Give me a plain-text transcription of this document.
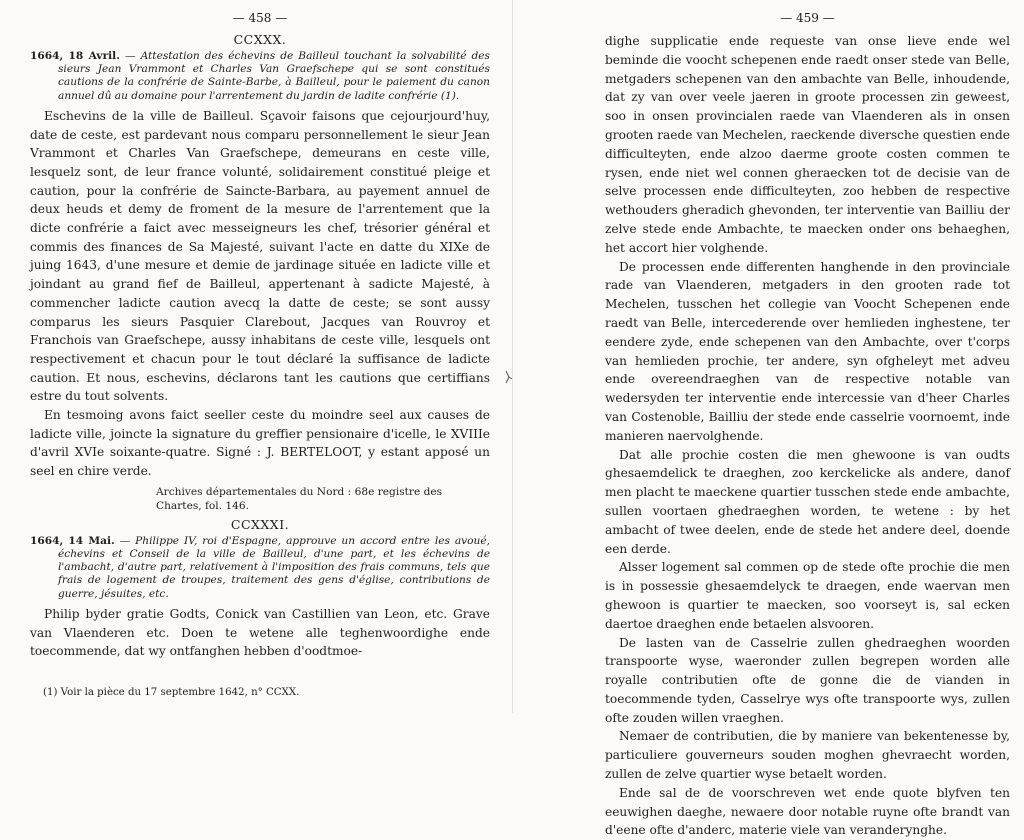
— 458 —

CCXXX.

1664, 18 Avril. — Attestation des échevins de Bailleul touchant la solvabilité des sieurs Jean Vrammont et Charles Van Graefschepe qui se sont constitués cautions de la confrérie de Sainte-Barbe, à Bailleul, pour le paiement du canon annuel dû au domaine pour l'arrentement du jardin de ladite confrérie (1).

Eschevins de la ville de Bailleul. Sçavoir faisons que cejourjourd'huy, date de ceste, est pardevant nous comparu personnellement le sieur Jean Vrammont et Charles Van Graefschepe, demeurans en ceste ville, lesquelz sont, de leur france volunté, solidairement constitué pleige et caution, pour la confrérie de Saincte-Barbara, au payement annuel de deux heuds et demy de froment de la mesure de l'arrentement que la dicte confrérie a faict avec messeigneurs les chef, trésorier général et commis des finances de Sa Majesté, suivant l'acte en datte du XIXe de juing 1643, d'une mesure et demie de jardinage située en ladicte ville et joindant au grand fief de Bailleul, appertenant à sadicte Majesté, à commencher ladicte caution avecq la datte de ceste; se sont aussy comparus les sieurs Pasquier Clarebout, Jacques van Rouvroy et Franchois van Graefschepe, aussy inhabitans de ceste ville, lesquels ont respectivement et chacun pour le tout déclaré la suffisance de ladicte caution. Et nous, eschevins, déclarons tant les cautions que certiffians estre du tout solvents.

En tesmoing avons faict seeller ceste du moindre seel aux causes de ladicte ville, joincte la signature du greffier pensionaire d'icelle, le XVIIIe d'avril XVIe soixante-quatre. Signé : J. BERTELOOT, y estant apposé un seel en chire verde.

Archives départementales du Nord : 68e registre des Chartes, fol. 146.

CCXXXI.

1664, 14 Mai. — Philippe IV, roi d'Espagne, approuve un accord entre les avoué, échevins et Conseil de la ville de Bailleul, d'une part, et les échevins de l'ambacht, d'autre part, relativement à l'imposition des frais communs, tels que frais de logement de troupes, traitement des gens d'église, contributions de guerre, jésuites, etc.

Philip byder gratie Godts, Conick van Castillien van Leon, etc. Grave van Vlaenderen etc. Doen te wetene alle teghenwoordighe ende toecommende, dat wy ontfanghen hebben d'oodtmoe-

(1) Voir la pièce du 17 septembre 1642, n° CCXX.

— 459 —

dighe supplicatie ende requeste van onse lieve ende wel beminde die voocht schepenen ende raedt onser stede van Belle, metgaders schepenen van den ambachte van Belle, inhoudende, dat zy van over veele jaeren in groote processen zin geweest, soo in onsen provincialen raede van Vlaenderen als in onsen grooten raede van Mechelen, raeckende diversche questien ende difficulteyten, ende alzoo daerme groote costen commen te rysen, ende niet wel connen gheraecken tot de decisie van de selve processen ende difficulteyten, zoo hebben de respective wethouders gheradich ghevonden, ter interventie van Bailliu der zelve stede ende Ambachte, te maecken onder ons behaeghen, het accort hier volghende.

De processen ende differenten hanghende in den provinciale rade van Vlaenderen, metgaders in den grooten rade tot Mechelen, tusschen het collegie van Voocht Schepenen ende raedt van Belle, intercederende over hemlieden inghestene, ter eendere zyde, ende schepenen van den Ambachte, over t'corps van hemlieden prochie, ter andere, syn ofgheleyt met adveu ende overeendraeghen van de respective notable van wedersyden ter interventie ende intercessie van d'heer Charles van Costenoble, Bailliu der stede ende casselrie voornoemt, inde manieren naervolghende.

Dat alle prochie costen die men ghewoone is van oudts ghesaemdelick te draeghen, zoo kerckelicke als andere, danof men placht te maeckene quartier tusschen stede ende ambachte, sullen voortaen ghedraeghen worden, te wetene : by het ambacht of twee deelen, ende de stede het andere deel, doende een derde.

Alsser logement sal commen op de stede ofte prochie die men is in possessie ghesaemdelyck te draegen, ende waervan men ghewoon is quartier te maecken, soo voorseyt is, sal ecken daertoe draeghen ende betaelen alsvooren.

De lasten van de Casselrie zullen ghedraeghen woorden transpoorte wyse, waeronder zullen begrepen worden alle royalle contributien ofte de gonne die de vianden in toecommende tyden, Casselrye wys ofte transpoorte wys, zullen ofte zouden willen vraeghen.

Nemaer de contributien, die by maniere van bekentenesse by, particuliere gouverneurs souden moghen ghevraecht worden, zullen de zelve quartier wyse betaelt worden.

Ende sal de de voorschreven wet ende quote blyfven ten eeuwighen daeghe, newaere door notable ruyne ofte brandt van d'eene ofte d'anderc, materie viele van veranderynghe.
